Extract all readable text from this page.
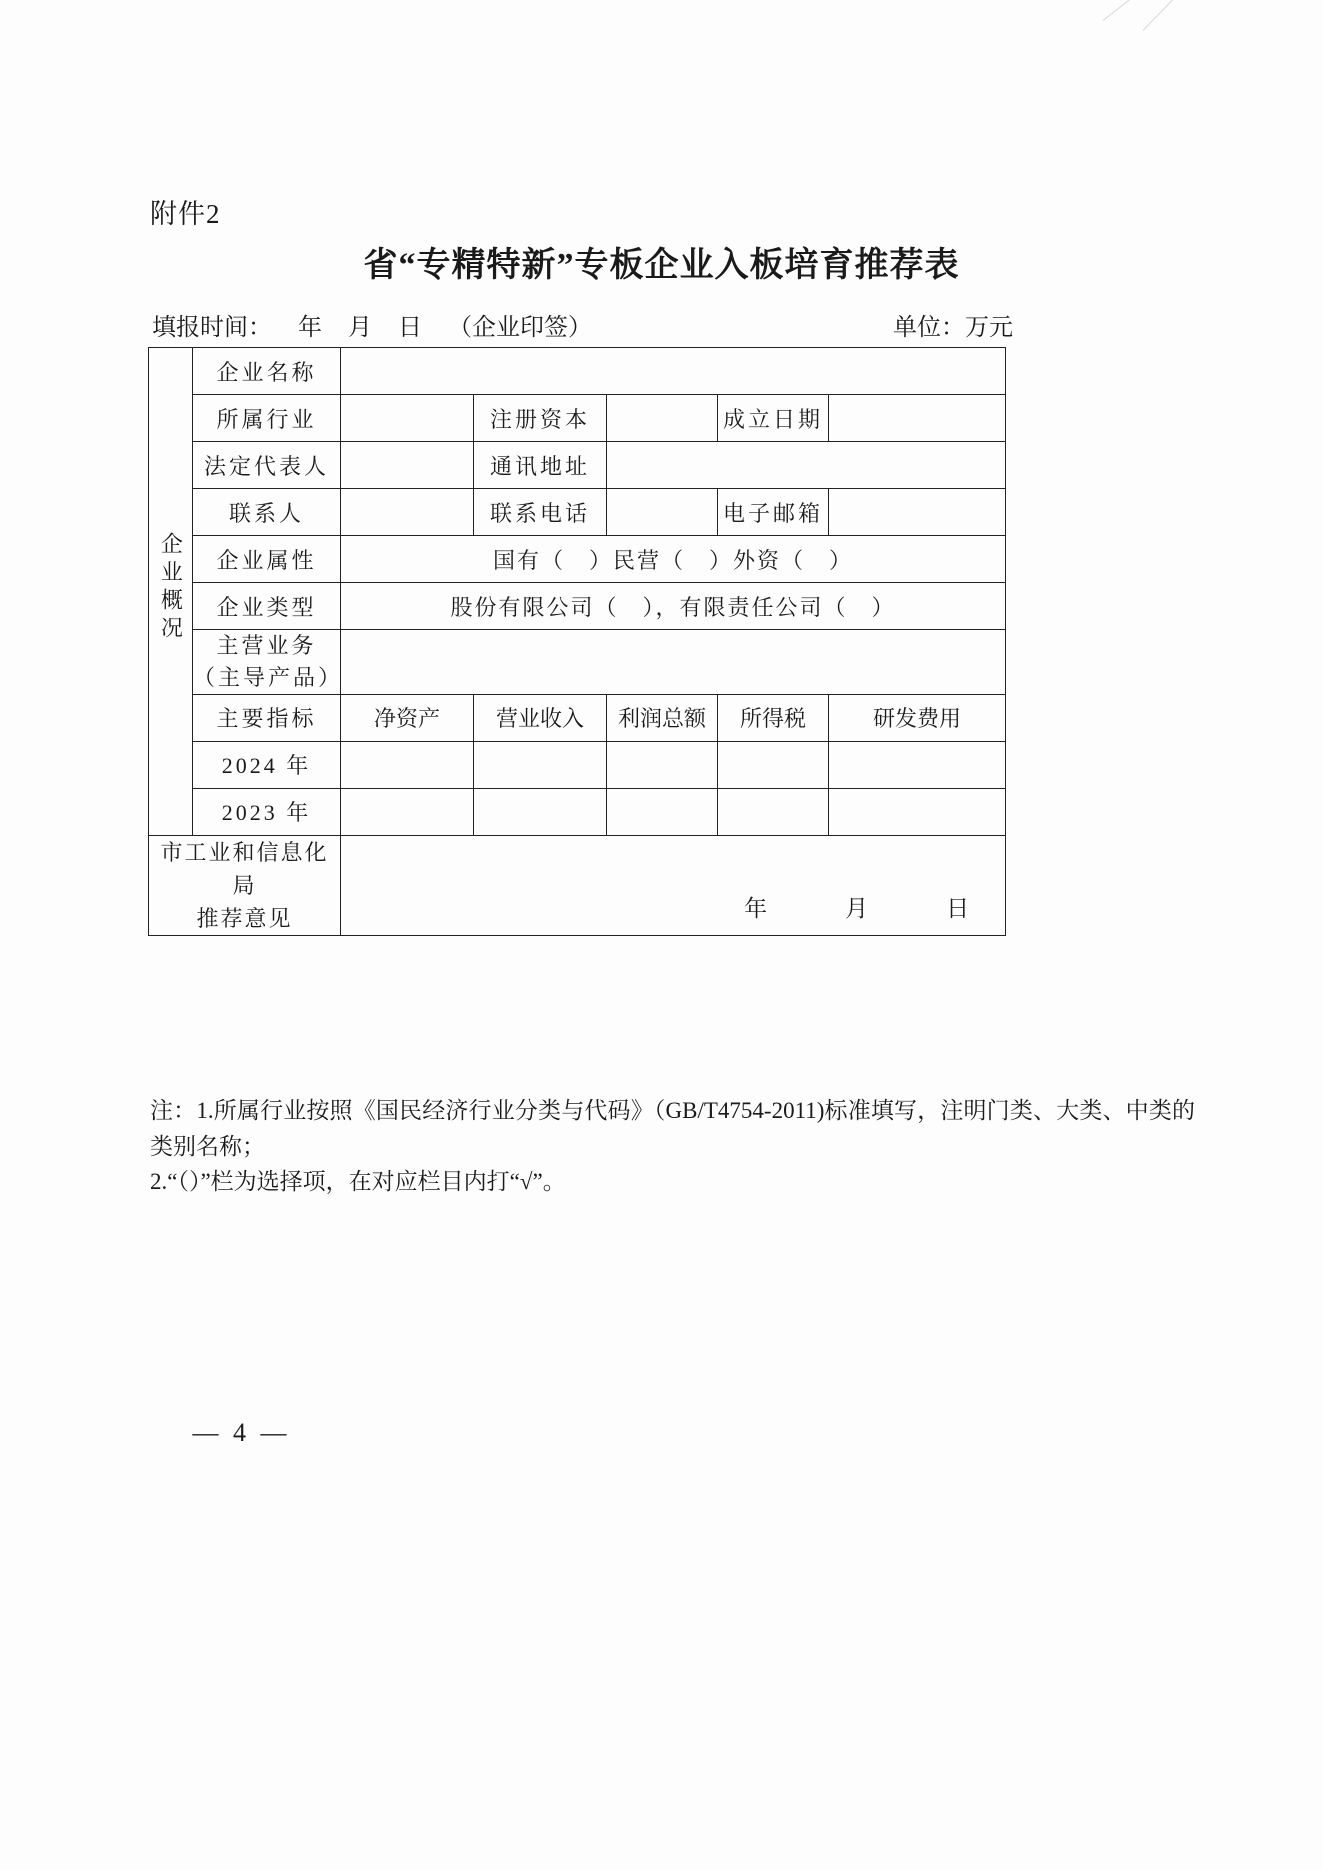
附件2
省“专精特新”专板企业入板培育推荐表
填报时间： 年 月 日 （企业印签）	单位：万元
企业概况	企业名称					
	所属行业		注册资本		成立日期	
	法定代表人		通讯地址			
	联系人		联系电话		电子邮箱	
	企业属性	国有（　）民营（　）外资（　）				
	企业类型	股份有限公司（　），有限责任公司（　）				

	主营业务
（主导产品）					

	主要指标	净资产	营业收入	利润总额	所得税	研发费用
	2024 年					
	2023 年					

市工业和信息化局
推荐意见	年	月	日

注：1.所属行业按照《国民经济行业分类与代码》（GB/T4754-2011)标准填写，注明门类、大类、中类的类别名称；

2.“（）”栏为选择项，在对应栏目内打“√”。

— 4 —
